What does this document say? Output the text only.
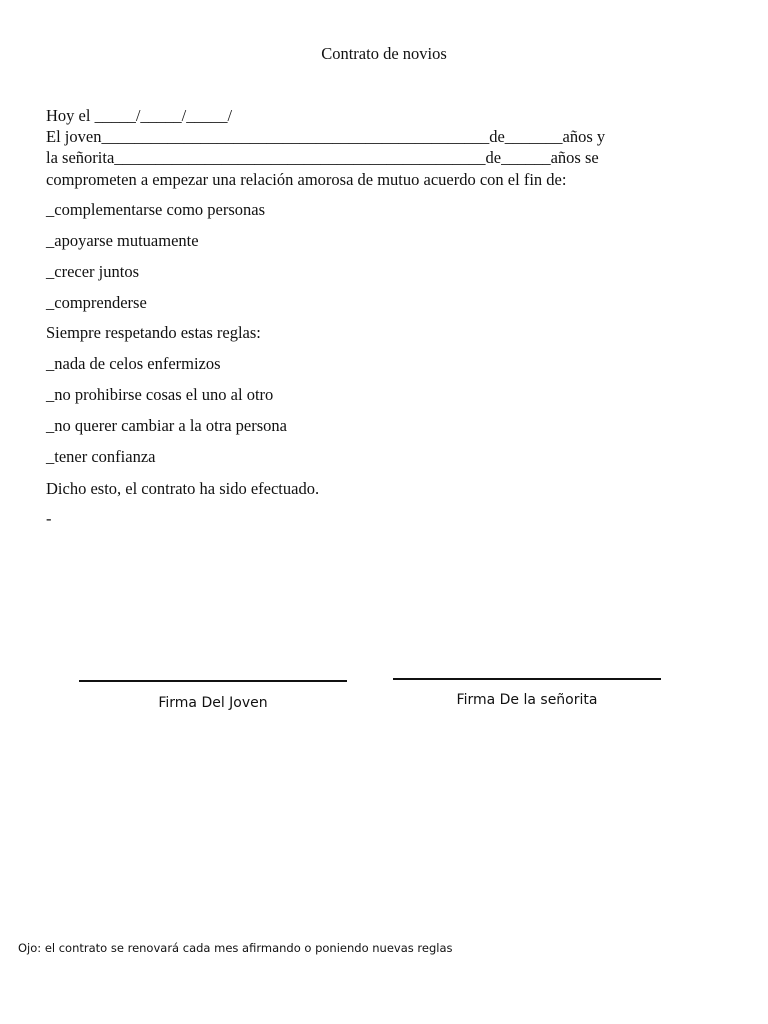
Contrato de novios
Hoy el _____/_____/_____/
El joven_______________________________________________de_______años y
la señorita_____________________________________________de______años se
comprometen a empezar una relación amorosa de mutuo acuerdo con el fin de:
_complementarse como personas
_apoyarse mutuamente
_crecer juntos
_comprenderse
Siempre respetando estas reglas:
_nada de celos enfermizos
_no prohibirse cosas el uno al otro
_no querer cambiar a la otra persona
_tener confianza
Dicho esto, el contrato ha sido efectuado.
-
Firma Del Joven	Firma De la señorita
Ojo: el contrato se renovará cada mes afirmando o poniendo nuevas reglas
